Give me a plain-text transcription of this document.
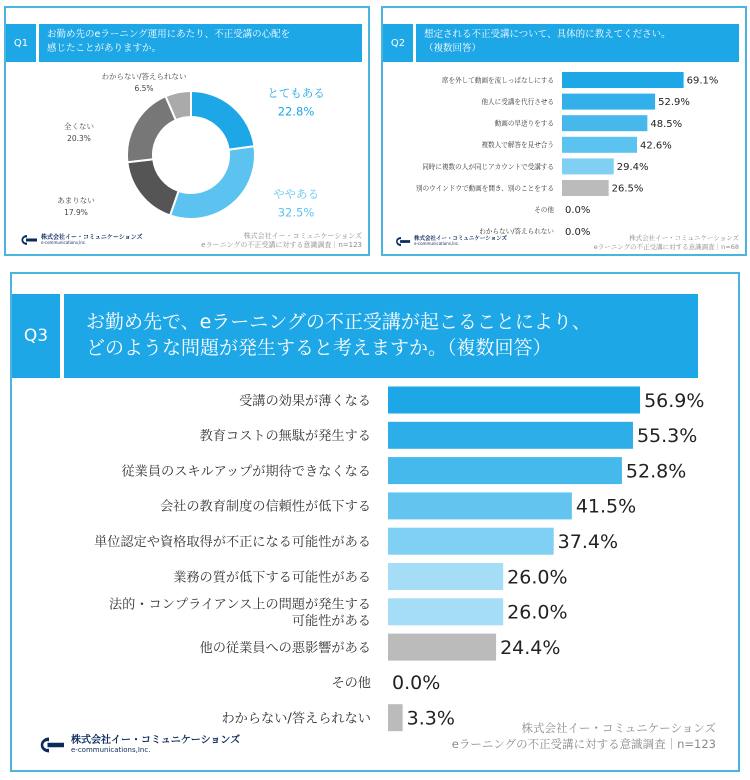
Q1
お勤め先のeラーニング運用にあたり、不正受講の心配を
感じたことがありますか。
とてもある
22.8%
ややある
32.5%
あまりない
17.9%
全くない
20.3%
わからない/答えられない
6.5%
株式会社イー・コミュニケーションズ
e-communications,Inc.
株式会社イー・コミュニケーションズ
eラーニングの不正受講に対する意識調査｜n=123
Q2
想定される不正受講について、具体的に教えてください。
（複数回答）
席を外して動画を流しっぱなしにする	69.1%
他人に受講を代行させる	52.9%
動画の早送りをする	48.5%
複数人で解答を見せ合う	42.6%
同時に複数の人が同じアカウントで受講する	29.4%
別のウインドウで動画を開き、別のことをする	26.5%
その他 0.0%
わからない/答えられない 0.0%
株式会社イー・コミュニケーションズ
e-communications,Inc.
株式会社イー・コミュニケーションズ
eラーニングの不正受講に対する意識調査｜n=68
Q3
お勤め先で、eラーニングの不正受講が起こることにより、
どのような問題が発生すると考えますか。（複数回答）
受講の効果が薄くなる	56.9%
教育コストの無駄が発生する	55.3%
従業員のスキルアップが期待できなくなる	52.8%
会社の教育制度の信頼性が低下する	41.5%
単位認定や資格取得が不正になる可能性がある	37.4%
業務の質が低下する可能性がある	26.0%
法的・コンプライアンス上の問題が発生する
可能性がある	26.0%
他の従業員への悪影響がある	24.4%
その他 0.0%
わからない/答えられない 3.3%
株式会社イー・コミュニケーションズ
e-communications,Inc.
株式会社イー・コミュニケーションズ
eラーニングの不正受講に対する意識調査｜n=123
